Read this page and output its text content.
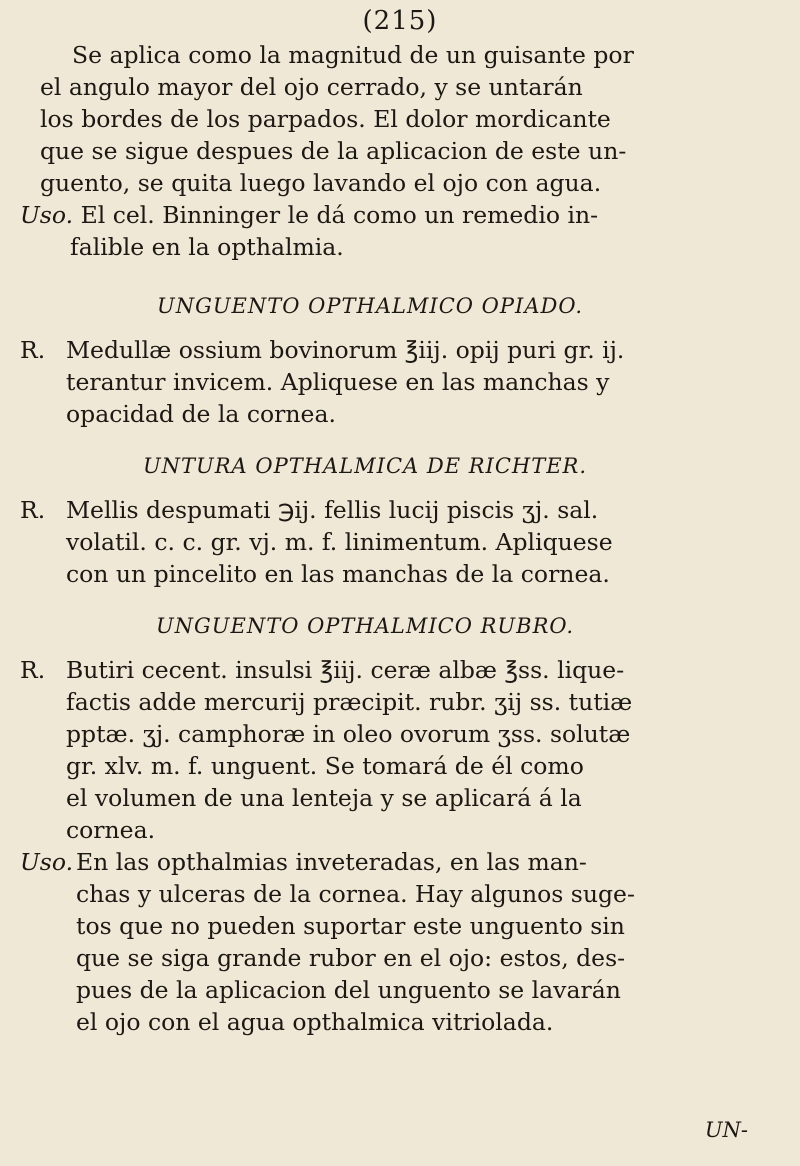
(215)
Se aplica como la magnitud de un guisante por
el angulo mayor del ojo cerrado, y se untarán
los bordes de los parpados. El dolor mordicante
que se sigue despues de la aplicacion de este un-
guento, se quita luego lavando el ojo con agua.
Uso. El cel. Binninger le dá como un remedio in-
falible en la opthalmia.
UNGUENTO OPTHALMICO OPIADO.
R. Medullæ ossium bovinorum ℥iij. opij puri gr. ij.
terantur invicem. Apliquese en las manchas y
opacidad de la cornea.
UNTURA OPTHALMICA DE RICHTER.
R. Mellis despumati ℈ij. fellis lucij piscis ʒj. sal.
volatil. c. c. gr. vj. m. f. linimentum. Apliquese
con un pincelito en las manchas de la cornea.
UNGUENTO OPTHALMICO RUBRO.
R. Butiri cecent. insulsi ℥iij. ceræ albæ ℥ss. lique-
factis adde mercurij præcipit. rubr. ʒij ss. tutiæ
pptæ. ʒj. camphoræ in oleo ovorum ʒss. solutæ
gr. xlv. m. f. unguent. Se tomará de él como
el volumen de una lenteja y se aplicará á la
cornea.
Uso. En las opthalmias inveteradas, en las man-
chas y ulceras de la cornea. Hay algunos suge-
tos que no pueden suportar este unguento sin
que se siga grande rubor en el ojo: estos, des-
pues de la aplicacion del unguento se lavarán
el ojo con el agua opthalmica vitriolada.
UN-
